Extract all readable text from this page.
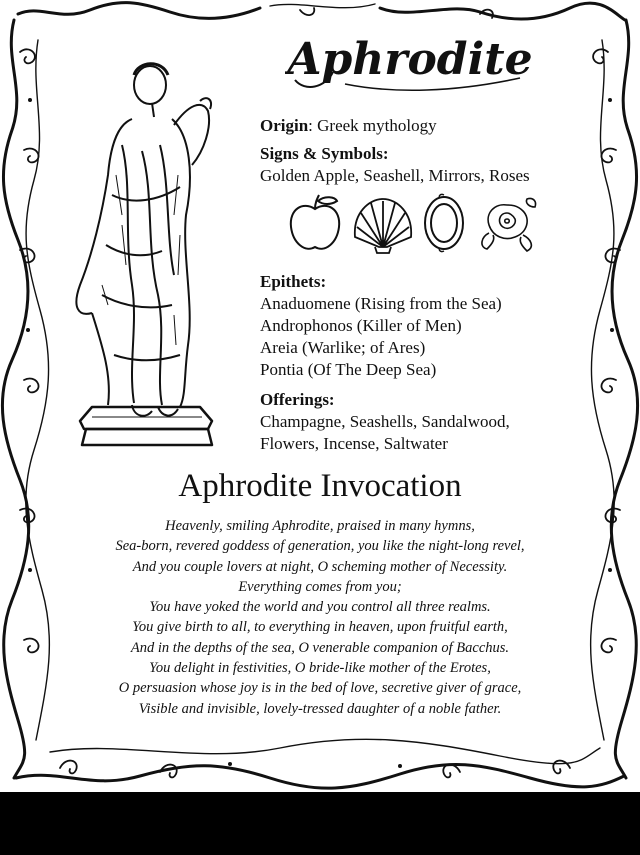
Aphrodite
Origin: Greek mythology
Signs & Symbols:
Golden Apple, Seashell, Mirrors, Roses
Epithets:
Anaduomene (Rising from the Sea)
Androphonos (Killer of Men)
Areia (Warlike; of Ares)
Pontia (Of The Deep Sea)
Offerings:
Champagne, Seashells, Sandalwood,
Flowers, Incense, Saltwater
Aphrodite Invocation
Heavenly, smiling Aphrodite, praised in many hymns,
Sea-born, revered goddess of generation, you like the night-long revel,
And you couple lovers at night, O scheming mother of Necessity.
Everything comes from you;
You have yoked the world and you control all three realms.
You give birth to all, to everything in heaven, upon fruitful earth,
And in the depths of the sea, O venerable companion of Bacchus.
You delight in festivities, O bride-like mother of the Erotes,
O persuasion whose joy is in the bed of love, secretive giver of grace,
Visible and invisible, lovely-tressed daughter of a noble father.
